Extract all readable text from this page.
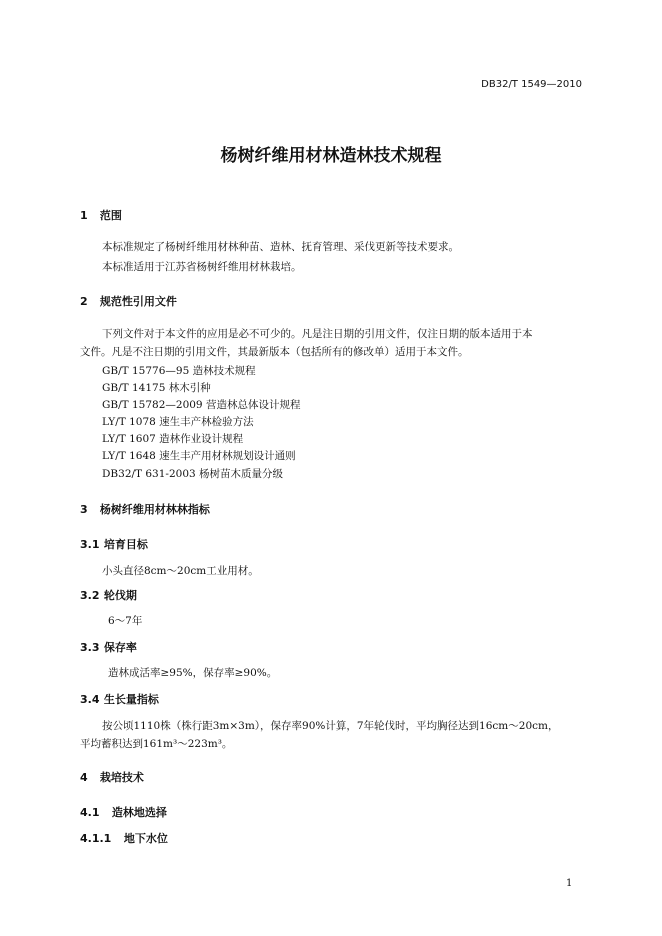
DB32/T 1549—2010
杨树纤维用材林造林技术规程
1 范围
本标准规定了杨树纤维用材林种苗、造林、抚育管理、采伐更新等技术要求。
本标准适用于江苏省杨树纤维用材林栽培。
2 规范性引用文件
下列文件对于本文件的应用是必不可少的。凡是注日期的引用文件，仅注日期的版本适用于本
文件。凡是不注日期的引用文件，其最新版本（包括所有的修改单）适用于本文件。
GB/T 15776—95 造林技术规程
GB/T 14175 林木引种
GB/T 15782—2009 营造林总体设计规程
LY/T 1078 速生丰产林检验方法
LY/T 1607 造林作业设计规程
LY/T 1648 速生丰产用材林规划设计通则
DB32/T 631-2003 杨树苗木质量分级
3 杨树纤维用材林林指标
3.1 培育目标
小头直径8cm～20cm工业用材。
3.2 轮伐期
6～7年
3.3 保存率
造林成活率≥95%，保存率≥90%。
3.4 生长量指标
按公顷1110株（株行距3m×3m），保存率90%计算，7年轮伐时，平均胸径达到16cm～20cm，
平均蓄积达到161m³～223m³。
4 栽培技术
4.1 造林地选择
4.1.1 地下水位
1
